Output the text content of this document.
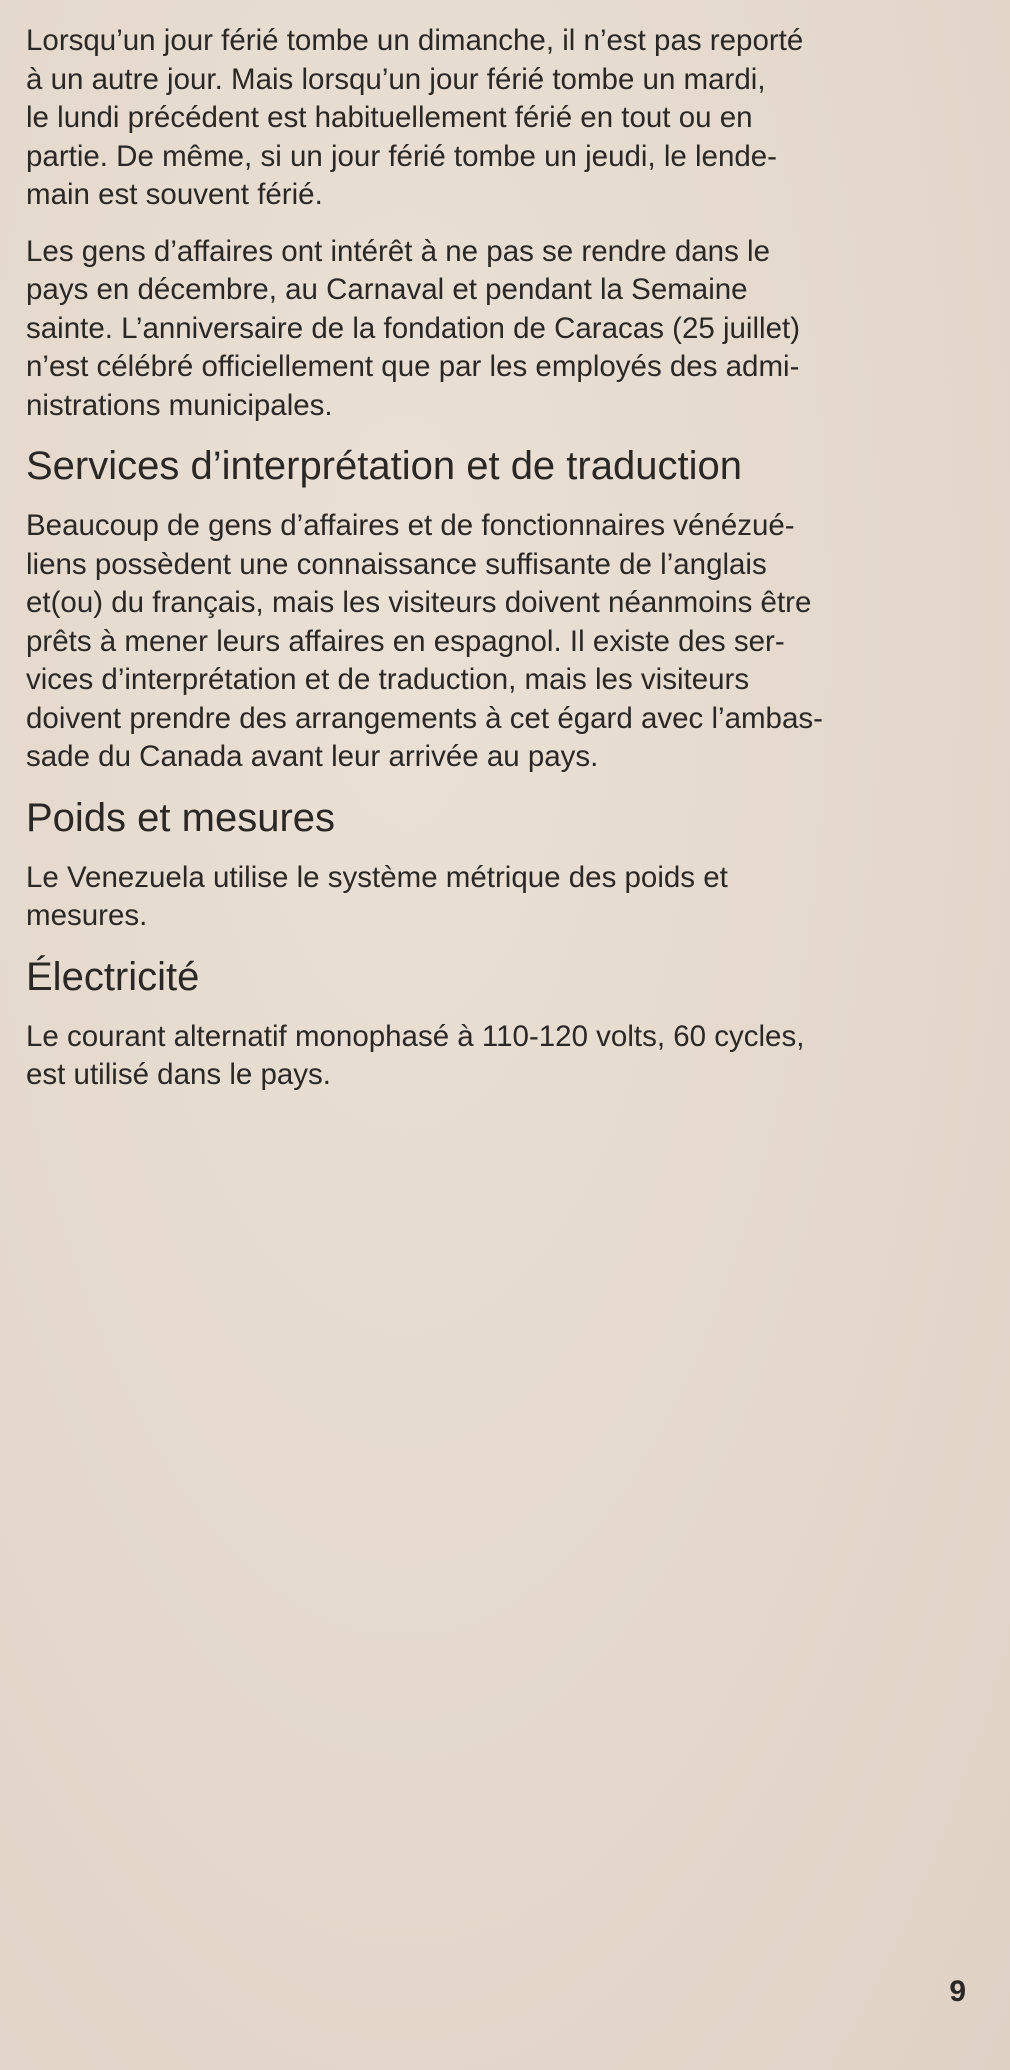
Lorsqu’un jour férié tombe un dimanche, il n’est pas reporté
à un autre jour. Mais lorsqu’un jour férié tombe un mardi,
le lundi précédent est habituellement férié en tout ou en
partie. De même, si un jour férié tombe un jeudi, le lende-
main est souvent férié.

Les gens d’affaires ont intérêt à ne pas se rendre dans le
pays en décembre, au Carnaval et pendant la Semaine
sainte. L’anniversaire de la fondation de Caracas (25 juillet)
n’est célébré officiellement que par les employés des admi-
nistrations municipales.

Services d’interprétation et de traduction

Beaucoup de gens d’affaires et de fonctionnaires vénézué-
liens possèdent une connaissance suffisante de l’anglais
et(ou) du français, mais les visiteurs doivent néanmoins être
prêts à mener leurs affaires en espagnol. Il existe des ser-
vices d’interprétation et de traduction, mais les visiteurs
doivent prendre des arrangements à cet égard avec l’ambas-
sade du Canada avant leur arrivée au pays.

Poids et mesures

Le Venezuela utilise le système métrique des poids et
mesures.

Électricité

Le courant alternatif monophasé à 110-120 volts, 60 cycles,
est utilisé dans le pays.

9
